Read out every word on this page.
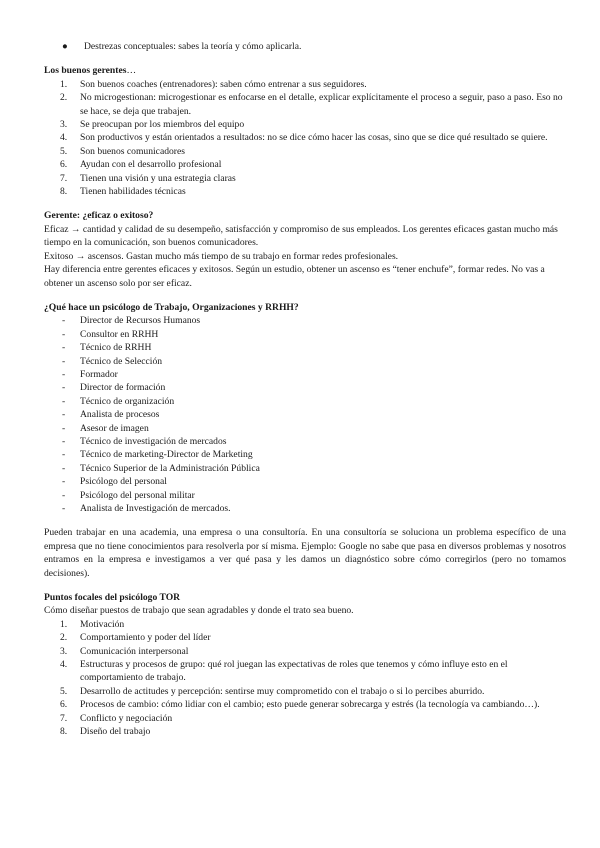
● Destrezas conceptuales: sabes la teoría y cómo aplicarla.
Los buenos gerentes…
1. Son buenos coaches (entrenadores): saben cómo entrenar a sus seguidores.
2. No microgestionan: microgestionar es enfocarse en el detalle, explicar explícitamente el proceso a seguir, paso a paso. Eso no se hace, se deja que trabajen.
3. Se preocupan por los miembros del equipo
4. Son productivos y están orientados a resultados: no se dice cómo hacer las cosas, sino que se dice qué resultado se quiere.
5. Son buenos comunicadores
6. Ayudan con el desarrollo profesional
7. Tienen una visión y una estrategia claras
8. Tienen habilidades técnicas
Gerente: ¿eficaz o exitoso?

Eficaz → cantidad y calidad de su desempeño, satisfacción y compromiso de sus empleados. Los gerentes eficaces gastan mucho más tiempo en la comunicación, son buenos comunicadores.

Exitoso → ascensos. Gastan mucho más tiempo de su trabajo en formar redes profesionales.

Hay diferencia entre gerentes eficaces y exitosos. Según un estudio, obtener un ascenso es “tener enchufe”, formar redes. No vas a obtener un ascenso solo por ser eficaz.

¿Qué hace un psicólogo de Trabajo, Organizaciones y RRHH?
- Director de Recursos Humanos
- Consultor en RRHH
- Técnico de RRHH
- Técnico de Selección
- Formador
- Director de formación
- Técnico de organización
- Analista de procesos
- Asesor de imagen
- Técnico de investigación de mercados
- Técnico de marketing-Director de Marketing
- Técnico Superior de la Administración Pública
- Psicólogo del personal
- Psicólogo del personal militar
- Analista de Investigación de mercados.

Pueden trabajar en una academia, una empresa o una consultoría. En una consultoría se soluciona un problema específico de una empresa que no tiene conocimientos para resolverla por sí misma. Ejemplo: Google no sabe que pasa en diversos problemas y nosotros entramos en la empresa e investigamos a ver qué pasa y les damos un diagnóstico sobre cómo corregirlos (pero no tomamos decisiones).

Puntos focales del psicólogo TOR

Cómo diseñar puestos de trabajo que sean agradables y donde el trato sea bueno.

1. Motivación
2. Comportamiento y poder del líder
3. Comunicación interpersonal
4. Estructuras y procesos de grupo: qué rol juegan las expectativas de roles que tenemos y cómo influye esto en el comportamiento de trabajo.
5. Desarrollo de actitudes y percepción: sentirse muy comprometido con el trabajo o si lo percibes aburrido.
6. Procesos de cambio: cómo lidiar con el cambio; esto puede generar sobrecarga y estrés (la tecnología va cambiando…).
7. Conflicto y negociación
8. Diseño del trabajo
